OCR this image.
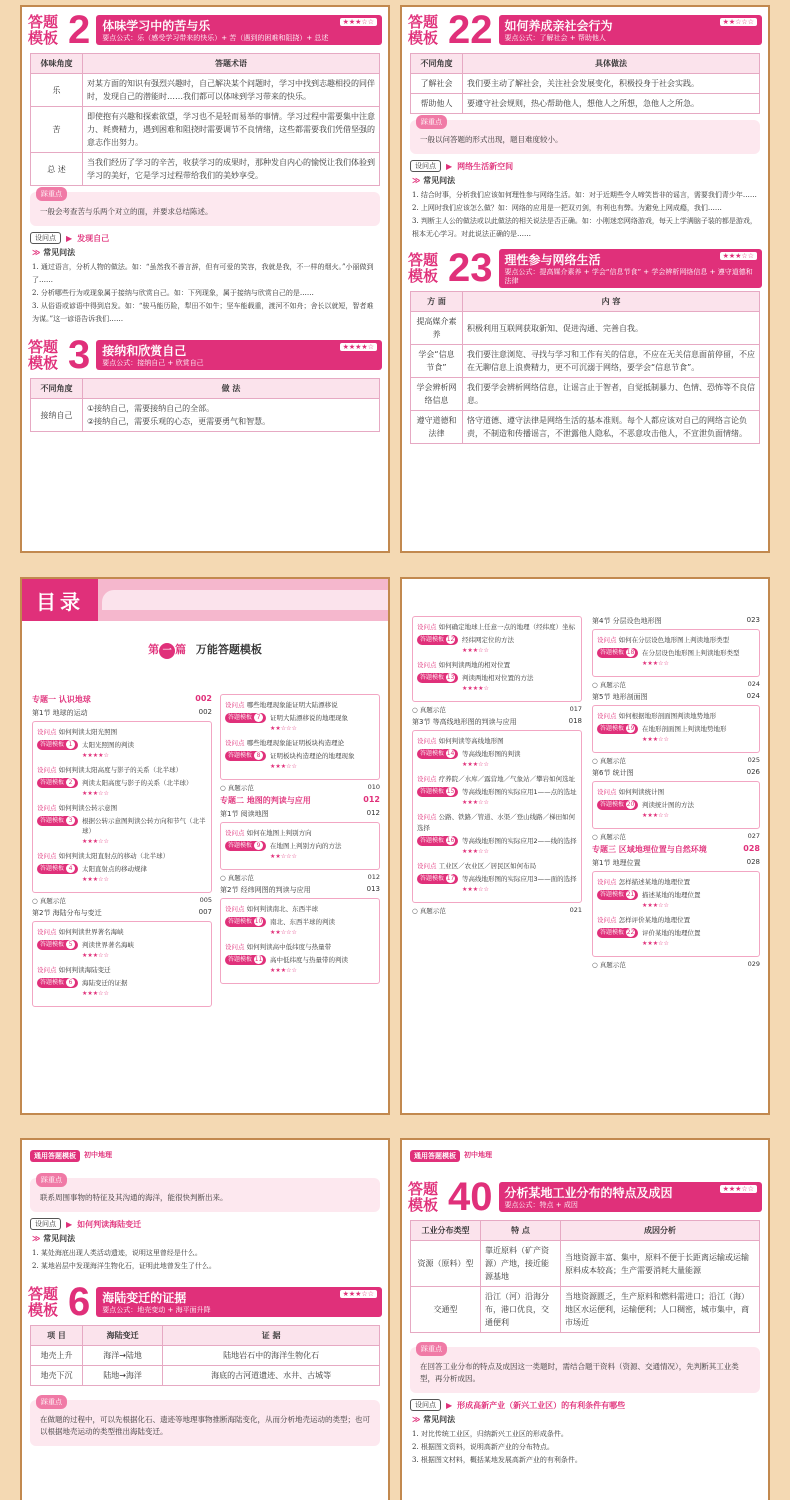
答题模板 2 体味学习中的苦与乐
要点公式：乐（感受学习带来的快乐）+ 苦（遇到的困难和阻挠）+ 总述
★★★☆☆
体味角度	答题术语
乐	对某方面的知识有强烈兴趣时，自己解决某个问题时，学习中找到志趣相投的同伴时，发现自己的潜能时……我们都可以体味到学习带来的快乐。
苦	即使抱有兴趣和探索欲望，学习也不是轻而易举的事情。学习过程中需要集中注意力、耗费精力，遇到困难和阻挠时需要调节不良情绪，这些都需要我们凭借坚强的意志作出努力。
总 述	当我们经历了学习的辛苦，收获学习的成果时，那种发自内心的愉悦让我们体验到学习的美好，它是学习过程带给我们的美妙享受。
踩重点
一般会考查苦与乐两个对立的面，并要求总结陈述。
设问点	▶ 发现自己
≫ 常见问法

1. 通过语言，分析人物的做法。如：“虽然我不善言辞，但有可爱的笑容，我就是我，不一样的烟火。”小丽做到了……

2. 分析哪些行为或现象属于接纳与欣赏自己。如：下列现象，属于接纳与欣赏自己的是……

3. 从俗语或谚语中得到启发。如：“骏马能历险，犁田不如牛；坚车能载重，渡河不如舟；舍长以就短，智者难为谋。”这一谚语告诉我们……

答题模板 3 接纳和欣赏自己
要点公式：接纳自己 + 欣赏自己
★★★★☆
不同角度	做 法
接纳自己	①接纳自己，需要接纳自己的全部。
②接纳自己，需要乐观的心态，更需要勇气和智慧。
答题模板 22 如何养成亲社会行为
要点公式：了解社会 + 帮助他人
★★☆☆☆
不同角度	具体做法
了解社会	我们要主动了解社会，关注社会发展变化，积极投身于社会实践。
帮助他人	要遵守社会规则，热心帮助他人，想他人之所想，急他人之所急。
踩重点
一般以问答题的形式出现，题目难度较小。
设问点	▶ 网络生活新空间
≫ 常见问法

1. 结合时事，分析我们应该如何理性参与网络生活。如：对于近期些令人啼笑皆非的谣言，需要我们青少年……

2. 上网时我们应该怎么做？如：网络的应用是一把双刃剑，有利也有弊。为避免上网成瘾，我们……

3. 判断主人公的做法或以此做法的相关说法是否正确。如：小刚迷恋网络游戏，每天上学满脑子装的都是游戏，根本无心学习。对此说法正确的是……

答题模板 23 理性参与网络生活
要点公式：提高媒介素养 + 学会“信息节食” + 学会辨析网络信息 + 遵守道德和法律
★★★☆☆
方 面	内 容
提高媒介素养	积极利用互联网获取新知、促进沟通、完善自我。
学会“信息节食”	我们要注意浏览、寻找与学习和工作有关的信息，不应在无关信息面前停留，不应在无聊信息上浪费精力，更不可沉溺于网络，要学会“信息节食”。
学会辨析网络信息	我们要学会辨析网络信息，让谣言止于智者，自觉抵制暴力、色情、恐怖等不良信息。
遵守道德和法律	恪守道德、遵守法律是网络生活的基本准则。每个人都应该对自己的网络言论负责，不制造和传播谣言，不泄露他人隐私，不恶意攻击他人，不宣泄负面情绪。
目录
第 一 篇 万能答题模板
专题一 认识地球	002
第1节 地球的运动	002
设问点 如何判读太阳光照图
答题模板 1	太阳光照图的判读
★★★★☆
设问点 如何判读太阳高度与影子的关系（北半球）
答题模板 2	判读太阳高度与影子的关系（北半球）
★★★☆☆
设问点 如何判读公转示意图
答题模板 3	根据公转示意图判读公转方向和节气（北半球）
★★★☆☆
设问点 如何判读太阳直射点的移动（北半球）
答题模板 4	太阳直射点的移动规律
★★★☆☆
○ 真题示范	005
第2节 海陆分布与变迁	007
设问点 如何判读世界著名海峡
答题模板 5	判读世界著名海峡
★★★☆☆
设问点 如何判读海陆变迁
答题模板 6	海陆变迁的证据
★★★☆☆
设问点 哪些地理现象能证明大陆漂移说
答题模板 7	证明大陆漂移说的地理现象
★★☆☆☆
设问点 哪些地理现象能证明板块构造理论
答题模板 8	证明板块构造理论的地理现象
★★★☆☆
○ 真题示范	010
专题二 地图的判读与应用	012
第1节 阅读地图	012
设问点 如何在地图上判别方向
答题模板 9	在地图上判别方向的方法
★★☆☆☆
○ 真题示范	012
第2节 经纬网图的判读与应用	013
设问点 如何判读南北、东西半球
答题模板 10	南北、东西半球的判读
★★☆☆☆
设问点 如何判读高中低纬度与热量带
答题模板 11	高中低纬度与热量带的判读
★★★☆☆
设问点 如何确定地球上任意一点的地理（经纬度）坐标
答题模板 12	经纬网定位的方法
★★★☆☆
设问点 如何判读两地的相对位置
答题模板 13	判读两地相对位置的方法
★★★★☆
○ 真题示范	017
第3节 等高线地形图的判读与应用	018
设问点 如何判读等高线地形图
答题模板 14	等高线地形图的判读
★★★☆☆
设问点 疗养院／水库／露营地／气象站／攀岩如何选址
答题模板 15	等高线地形图的实际应用1——点的选址
★★★☆☆
设问点 公路、铁路／管道、水渠／登山线路／梯田如何选择
答题模板 16	等高线地形图的实际应用2——线的选择
★★★☆☆
设问点 工业区／农业区／居民区如何布局
答题模板 17	等高线地形图的实际应用3——面的选择
★★★☆☆
○ 真题示范	021
第4节 分层设色地形图	023
设问点 如何在分层设色地形图上判读地形类型
答题模板 18	在分层设色地形图上判读地形类型
★★★☆☆
○ 真题示范	024
第5节 地形剖面图	024
设问点 如何根据地形剖面图判读地势地形
答题模板 19	在地形剖面图上判读地势地形
★★★☆☆
○ 真题示范	025
第6节 统计图	026
设问点 如何判读统计图
答题模板 20	判读统计图的方法
★★★☆☆
○ 真题示范	027
专题三 区域地理位置与自然环境	028
第1节 地理位置	028
设问点 怎样描述某地的地理位置
答题模板 21	描述某地的地理位置
★★★☆☆
设问点 怎样评价某地的地理位置
答题模板 22	评价某地的地理位置
★★★☆☆
○ 真题示范	029
通用答题模板	初中地理
踩重点
联系周围事物的特征及其沟通的海洋，能很快判断出来。
设问点	▶ 如何判读海陆变迁
≫ 常见问法

1. 某处海底出现人类活动遗迹，说明这里曾经是什么。

2. 某地岩层中发现海洋生物化石，证明此地曾发生了什么。

答题模板 6 海陆变迁的证据
要点公式：地壳变动 + 海平面升降
★★★☆☆
项 目	海陆变迁	证 据
地壳上升	海洋→陆地	陆地岩石中的海洋生物化石
地壳下沉	陆地→海洋	海底的古河道遗迹、水井、古城等
踩重点
在做题的过程中，可以先根据化石、遗迹等地理事物推断海陆变化，从而分析地壳运动的类型；也可以根据地壳运动的类型推出海陆变迁。
通用答题模板	初中地理
答题模板 40 分析某地工业分布的特点及成因
要点公式：特点 + 成因
★★★☆☆
工业分布类型	特 点	成因分析
资源（原料）型	靠近原料（矿产资源）产地，接近能源基地	当地资源丰富、集中，原料不便于长距离运输或运输原料成本较高；生产需要消耗大量能源
交通型	沿江（河）沿海分布，港口优良，交通便利	当地资源匮乏，生产原料和燃料需进口；沿江（海）地区水运便利，运输便利；人口稠密，城市集中，商市场近
踩重点
在回答工业分布的特点及成因这一类题时，需结合题干资料（资源、交通情况），先判断其工业类型，再分析成因。
设问点	▶ 形成高新产业（新兴工业区）的有利条件有哪些
≫ 常见问法

1. 对比传统工业区，归纳新兴工业区的形成条件。

2. 根据图文资料，说明高新产业的分布特点。

3. 根据图文材料，概括某地发展高新产业的有利条件。
